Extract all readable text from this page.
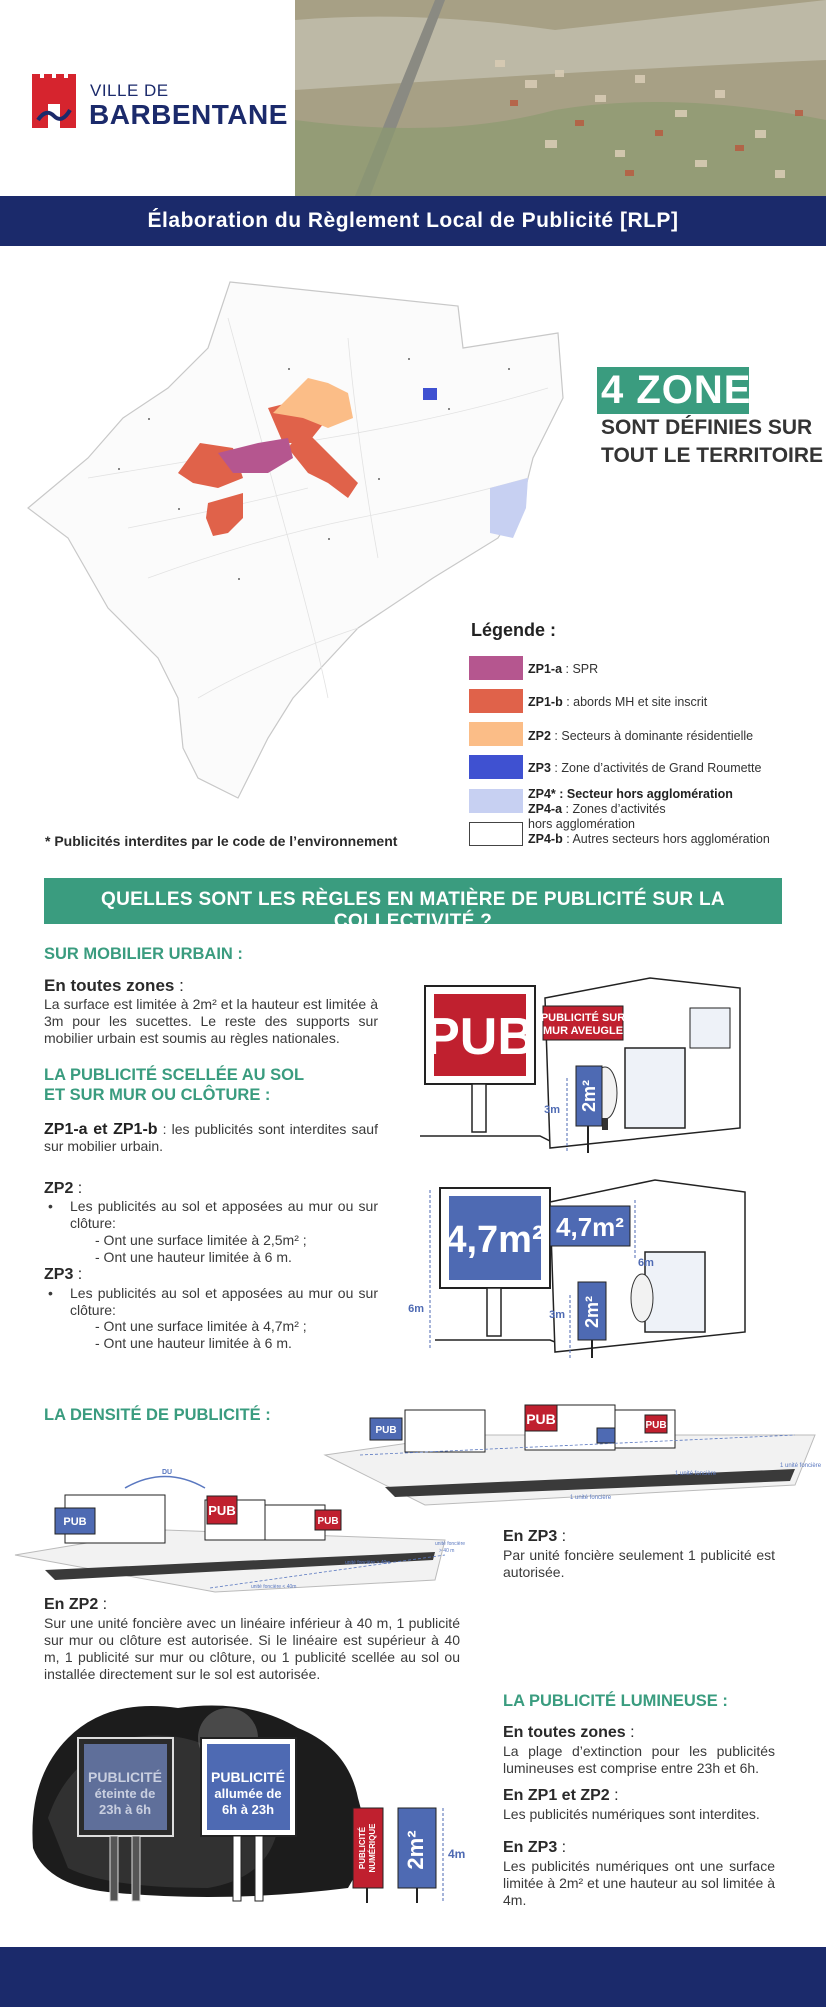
VILLE DE
BARBENTANE
Élaboration du Règlement Local de Publicité [RLP]
4 ZONES
SONT DÉFINIES SUR
TOUT LE TERRITOIRE
Légende :
ZP1-a : SPR
ZP1-b : abords MH et site inscrit
ZP2 : Secteurs à dominante résidentielle
ZP3 : Zone d’activités de Grand Roumette
ZP4* : Secteur hors agglomération
ZP4-a : Zones d’activités
hors agglomération
ZP4-b : Autres secteurs hors agglomération
* Publicités interdites par le code de l’environnement
QUELLES SONT LES RÈGLES EN MATIÈRE DE PUBLICITÉ SUR LA COLLECTIVITÉ ?
SUR MOBILIER URBAIN :
En toutes zones :
La surface est limitée à 2m² et la hauteur est limitée à 3m pour les sucettes. Le reste des supports sur mobilier urbain est soumis au règles nationales.
LA PUBLICITÉ SCELLÉE AU SOL
ET SUR MUR OU CLÔTURE :
ZP1-a et ZP1-b : les publicités sont interdites sauf sur mobilier urbain.
ZP2 :
• Les publicités au sol et apposées au mur ou sur clôture:
- Ont une surface limitée à 2,5m² ;
- Ont une hauteur limitée à 6 m.
ZP3 :
• Les publicités au sol et apposées au mur ou sur clôture:
- Ont une surface limitée à 4,7m² ;
- Ont une hauteur limitée à 6 m.
PUB PUBLICITÉ SUR
MUR AVEUGLE
2m²
3m
4,7m² 4,7m²
2m²
6m
6m
3m
LA DENSITÉ DE PUBLICITÉ :
PUB
PUB	PUB
1 unité foncière
1 unité foncière
1 unité foncière
PUB
PUB
PUB
DU
unité foncière > 40m
unité foncière < 40m
unité foncière
> 40 m
En ZP3 :
Par unité foncière seulement 1 publicité est autorisée.
En ZP2 :
Sur une unité foncière avec un linéaire inférieur à 40 m, 1 publicité sur mur ou clôture est autorisée. Si le linéaire est supérieur à 40 m, 1 publicité sur mur ou clôture, ou 1 publicité scellée au sol ou installée directement sur le sol est autorisée.
PUBLICITÉ
éteinte de
23h à 6h
PUBLICITÉ
allumée de
6h à 23h
PUBLICITÉ NUMÉRIQUE 2m² 4m
LA PUBLICITÉ LUMINEUSE :
En toutes zones :
La plage d’extinction pour les publicités lumineuses est comprise entre 23h et 6h.
En ZP1 et ZP2 :
Les publicités numériques sont interdites.
En ZP3 :
Les publicités numériques ont une surface limitée à 2m² et une hauteur au sol limitée à 4m.
